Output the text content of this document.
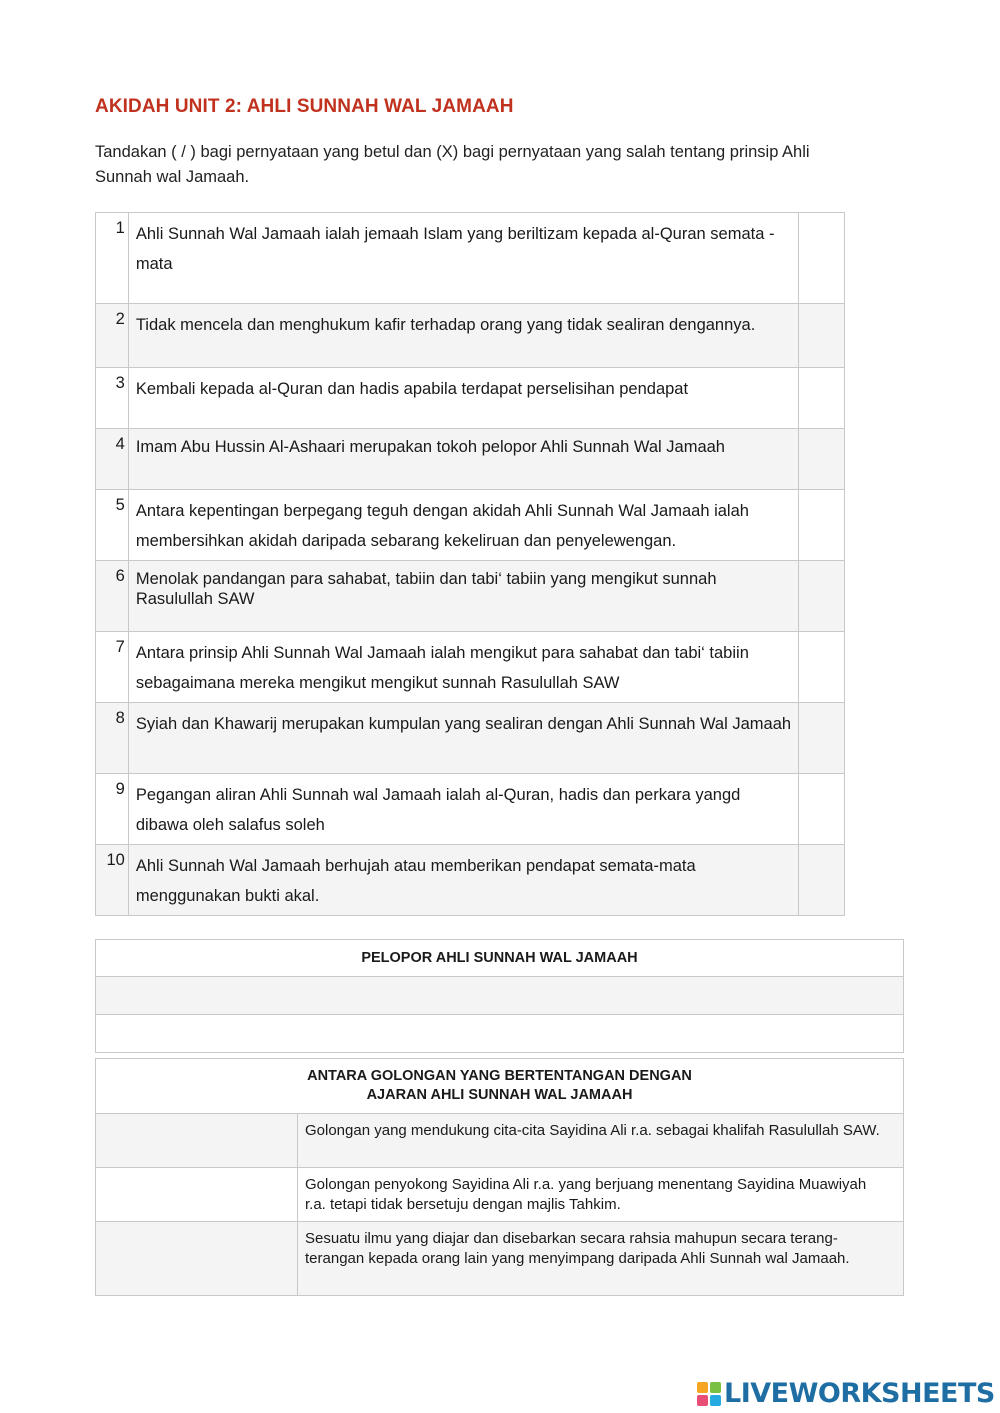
AKIDAH UNIT 2: AHLI SUNNAH WAL JAMAAH
Tandakan ( / ) bagi pernyataan yang betul dan (X) bagi pernyataan yang salah tentang prinsip Ahli Sunnah wal Jamaah.
1	Ahli Sunnah Wal Jamaah ialah jemaah Islam yang beriltizam kepada al-Quran semata -mata	
2	Tidak mencela dan menghukum kafir terhadap orang yang tidak sealiran dengannya.	
3	Kembali kepada al-Quran dan hadis apabila terdapat perselisihan pendapat	
4	Imam Abu Hussin Al-Ashaari merupakan tokoh pelopor Ahli Sunnah Wal Jamaah	
5	Antara kepentingan berpegang teguh dengan akidah Ahli Sunnah Wal Jamaah ialah membersihkan akidah daripada sebarang kekeliruan dan penyelewengan.	
6	Menolak pandangan para sahabat, tabiin dan tabi‘ tabiin yang mengikut sunnah Rasulullah SAW	
7	Antara prinsip Ahli Sunnah Wal Jamaah ialah mengikut para sahabat dan tabi‘ tabiin sebagaimana mereka mengikut mengikut sunnah Rasulullah SAW	
8	Syiah dan Khawarij merupakan kumpulan yang sealiran dengan Ahli Sunnah Wal Jamaah	
9	Pegangan aliran Ahli Sunnah wal Jamaah ialah al-Quran, hadis dan perkara yangd dibawa oleh salafus soleh	
10	Ahli Sunnah Wal Jamaah berhujah atau memberikan pendapat semata-mata menggunakan bukti akal.	
PELOPOR AHLI SUNNAH WAL JAMAAH

ANTARA GOLONGAN YANG BERTENTANGAN DENGAN
AJARAN AHLI SUNNAH WAL JAMAAH	

	Golongan yang mendukung cita-cita Sayidina Ali r.a. sebagai khalifah Rasulullah SAW.
	Golongan penyokong Sayidina Ali r.a. yang berjuang menentang Sayidina Muawiyah r.a. tetapi tidak bersetuju dengan majlis Tahkim.
	Sesuatu ilmu yang diajar dan disebarkan secara rahsia mahupun secara terang-terangan kepada orang lain yang menyimpang daripada Ahli Sunnah wal Jamaah.
LIVEWORKSHEETS
